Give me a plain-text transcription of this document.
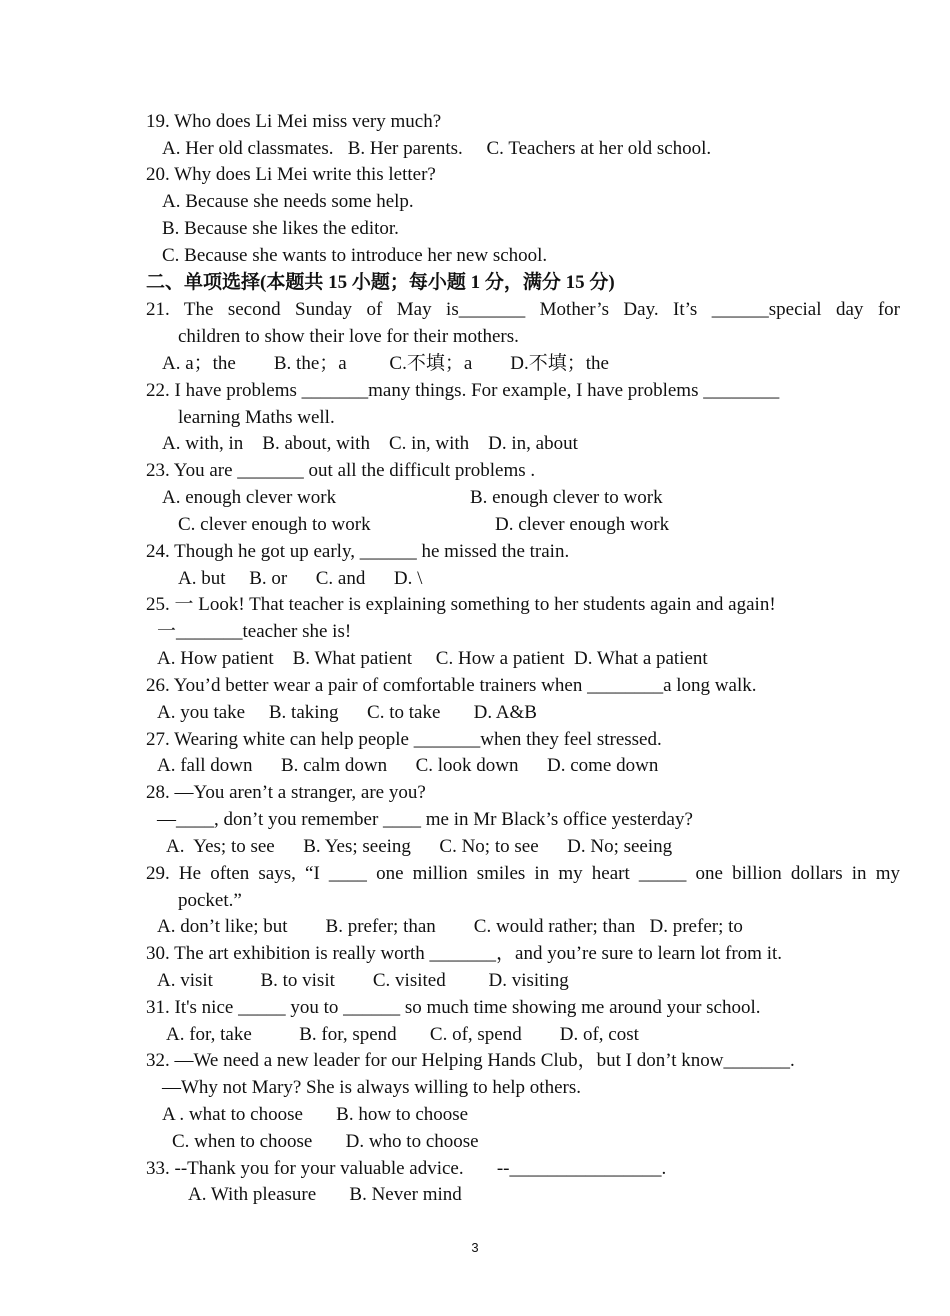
19. Who does Li Mei miss very much?
A. Her old classmates.   B. Her parents.     C. Teachers at her old school.
20. Why does Li Mei write this letter?
A. Because she needs some help.
B. Because she likes the editor.
C. Because she wants to introduce her new school.
二、单项选择(本题共 15 小题；每小题 1 分，满分 15 分)
21. The second Sunday of May is_______ Mother’s Day. It’s ______special day for
children to show their love for their mothers.
A. a；the        B. the；a         C.不填；a        D.不填；the
22. I have problems _______many things. For example, I have problems ________
learning Maths well.
A. with, in    B. about, with    C. in, with    D. in, about
23. You are _______ out all the difficult problems .
A. enough clever work	B. enough clever to work
C. clever enough to work	D. clever enough work
24. Though he got up early, ______ he missed the train.
A. but     B. or      C. and      D. \
25. 一 Look! That teacher is explaining something to her students again and again!
一_______teacher she is!
A. How patient    B. What patient     C. How a patient  D. What a patient
26. You’d better wear a pair of comfortable trainers when ________a long walk.
A. you take     B. taking      C. to take       D. A&B
27. Wearing white can help people _______when they feel stressed.
A. fall down      B. calm down      C. look down      D. come down
28. —You aren’t a stranger, are you?
—____, don’t you remember ____ me in Mr Black’s office yesterday?
A.  Yes; to see      B. Yes; seeing      C. No; to see      D. No; seeing
29. He often says, “I ____ one million smiles in my heart _____ one billion dollars in my
pocket.”
A. don’t like; but        B. prefer; than        C. would rather; than   D. prefer; to
30. The art exhibition is really worth _______，and you’re sure to learn lot from it.
A. visit          B. to visit        C. visited         D. visiting
31. It's nice _____ you to ______ so much time showing me around your school.
A. for, take          B. for, spend       C. of, spend        D. of, cost
32. —We need a new leader for our Helping Hands Club，but I don’t know_______.
—Why not Mary? She is always willing to help others.
A . what to choose       B. how to choose
C. when to choose       D. who to choose
33. --Thank you for your valuable advice.       --________________.
A. With pleasure       B. Never mind
3
